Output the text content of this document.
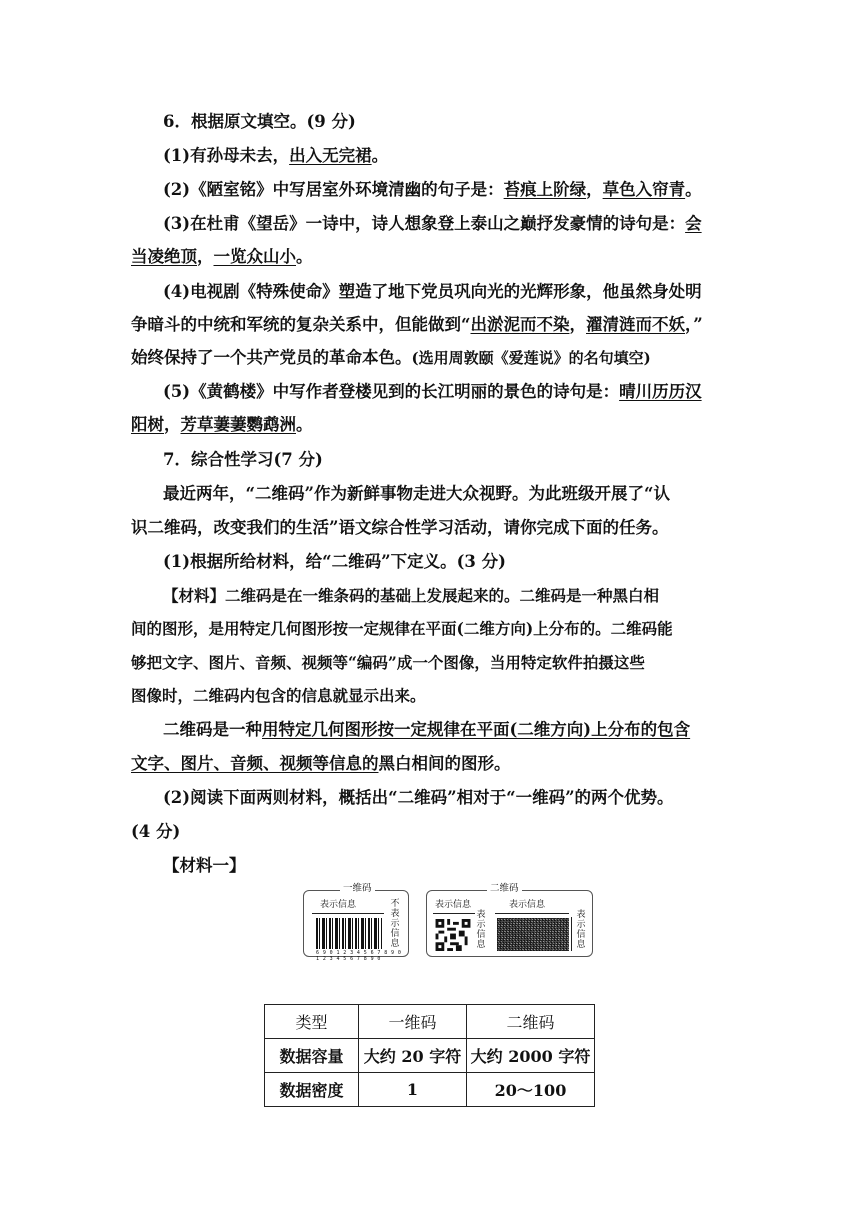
6．根据原文填空。(9 分)
(1)有孙母未去，出入无完裙。
(2)《陋室铭》中写居室外环境清幽的句子是：苔痕上阶绿，草色入帘青。
(3)在杜甫《望岳》一诗中，诗人想象登上泰山之巅抒发豪情的诗句是：会
当凌绝顶，一览众山小。
(4)电视剧《特殊使命》塑造了地下党员巩向光的光辉形象，他虽然身处明
争暗斗的中统和军统的复杂关系中，但能做到“出淤泥而不染，濯清涟而不妖，”
始终保持了一个共产党员的革命本色。(选用周敦颐《爱莲说》的名句填空)
(5)《黄鹤楼》中写作者登楼见到的长江明丽的景色的诗句是：晴川历历汉
阳树，芳草萋萋鹦鹉洲。
7．综合性学习(7 分)
最近两年，“二维码”作为新鲜事物走进大众视野。为此班级开展了“认
识二维码，改变我们的生活”语文综合性学习活动，请你完成下面的任务。
(1)根据所给材料，给“二维码”下定义。(3 分)
【材料】二维码是在一维条码的基础上发展起来的。二维码是一种黑白相
间的图形，是用特定几何图形按一定规律在平面(二维方向)上分布的。二维码能
够把文字、图片、音频、视频等“编码”成一个图像，当用特定软件拍摄这些
图像时，二维码内包含的信息就显示出来。
二维码是一种用特定几何图形按一定规律在平面(二维方向)上分布的包含
文字、图片、音频、视频等信息的黑白相间的图形。
(2)阅读下面两则材料，概括出“二维码”相对于“一维码”的两个优势。
(4 分)
【材料一】
一维码
表示信息
6 9 0 1 2 3 4 5 6 7 8 9 0 1 2 3 4 5 6 7 8 9 0
不
表
示
信
息
二维码
表示信息
表
示
信
息
表示信息
表
示
信
息
类型	一维码	二维码
数据容量	大约 20 字符	大约 2000 字符
数据密度	1	20～100
